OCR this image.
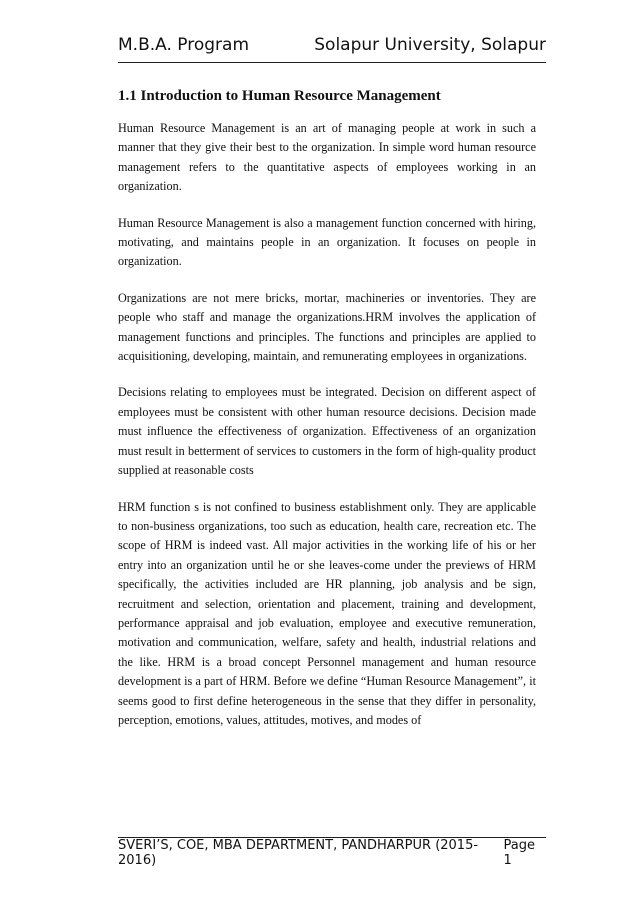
M.B.A. Program	Solapur University, Solapur
1.1 Introduction to Human Resource Management

Human Resource Management is an art of managing people at work in such a manner that they give their best to the organization. In simple word human resource management refers to the quantitative aspects of employees working in an organization.

Human Resource Management is also a management function concerned with hiring, motivating, and maintains people in an organization. It focuses on people in organization.

Organizations are not mere bricks, mortar, machineries or inventories. They are people who staff and manage the organizations.HRM involves the application of management functions and principles. The functions and principles are applied to acquisitioning, developing, maintain, and remunerating employees in organizations.

Decisions relating to employees must be integrated. Decision on different aspect of employees must be consistent with other human resource decisions. Decision made must influence the effectiveness of organization. Effectiveness of an organization must result in betterment of services to customers in the form of high-quality product supplied at reasonable costs

HRM function s is not confined to business establishment only. They are applicable to non-business organizations, too such as education, health care, recreation etc. The scope of HRM is indeed vast. All major activities in the working life of his or her entry into an organization until he or she leaves-come under the previews of HRM specifically, the activities included are HR planning, job analysis and be sign, recruitment and selection, orientation and placement, training and development, performance appraisal and job evaluation, employee and executive remuneration, motivation and communication, welfare, safety and health, industrial relations and the like. HRM is a broad concept Personnel management and human resource development is a part of HRM. Before we define “Human Resource Management”, it seems good to first define heterogeneous in the sense that they differ in personality, perception, emotions, values, attitudes, motives, and modes of

SVERI’S, COE, MBA DEPARTMENT, PANDHARPUR (2015-2016)
Page 1
